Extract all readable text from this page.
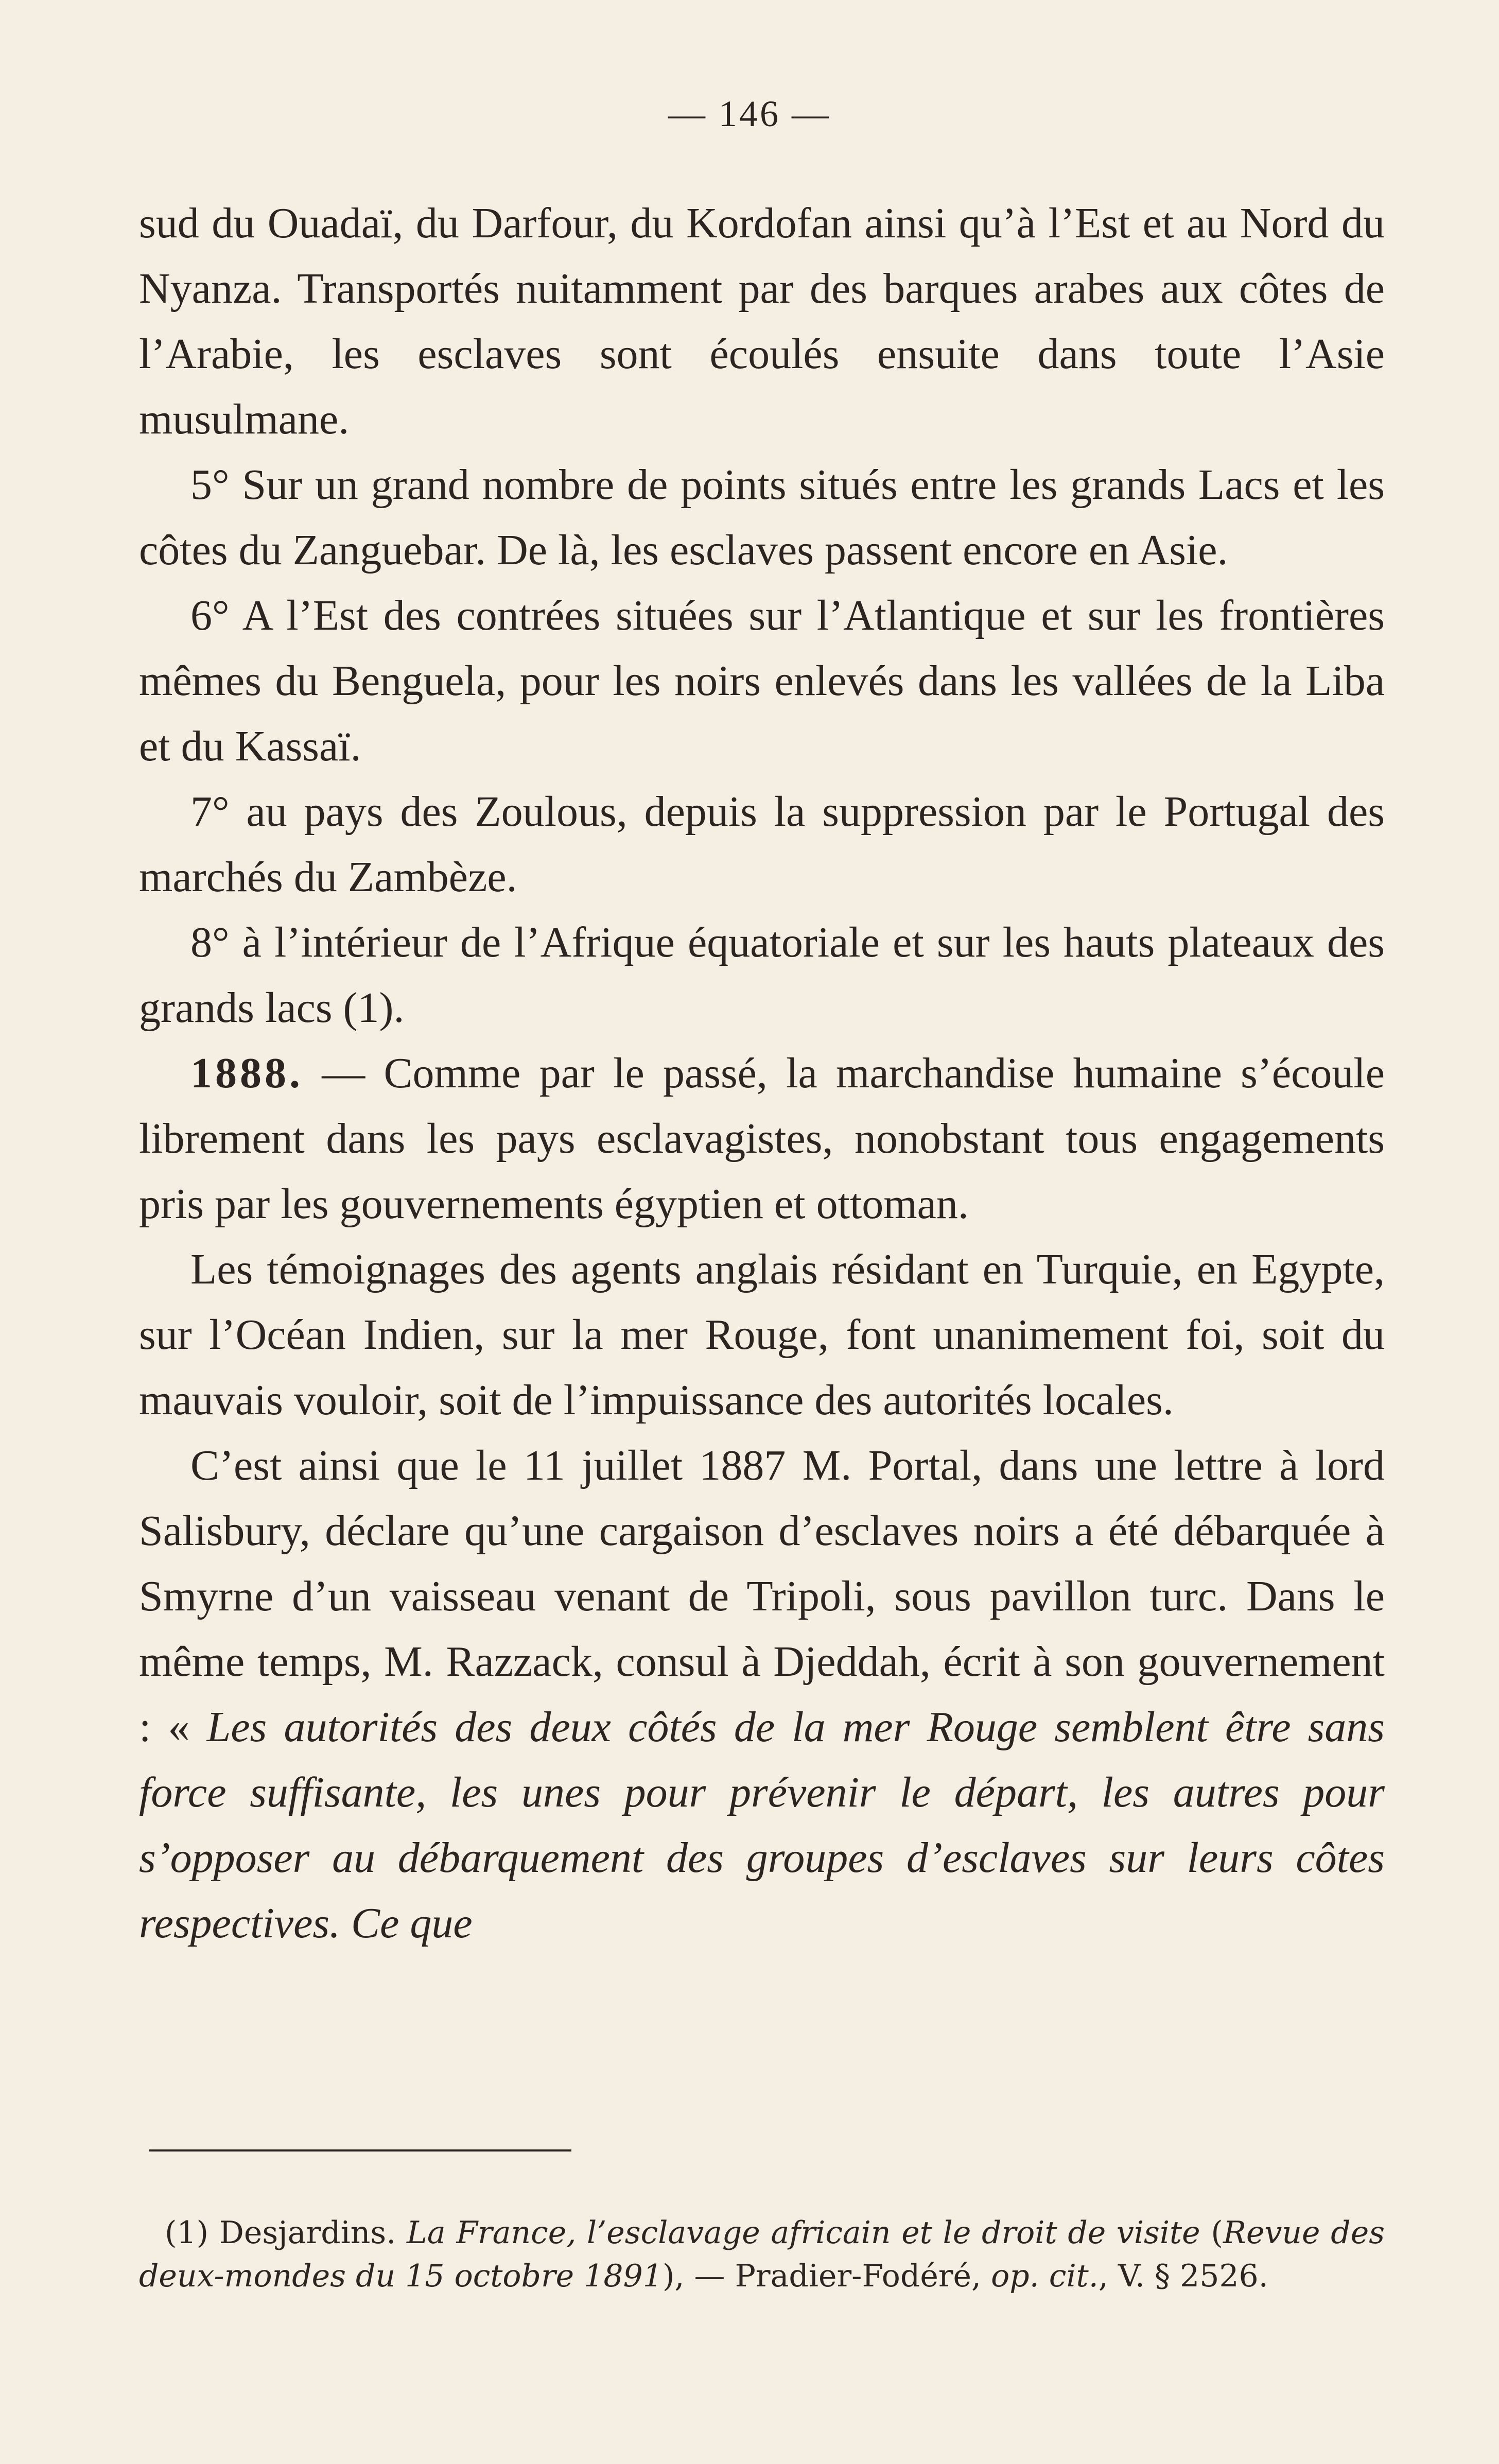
— 146 —

sud du Ouadaï, du Darfour, du Kordofan ainsi qu’à l’Est et au Nord du Nyanza. Transportés nuitamment par des barques arabes aux côtes de l’Arabie, les esclaves sont écoulés ensuite dans toute l’Asie musulmane.

5° Sur un grand nombre de points situés entre les grands Lacs et les côtes du Zanguebar. De là, les esclaves passent encore en Asie.

6° A l’Est des contrées situées sur l’Atlantique et sur les frontières mêmes du Benguela, pour les noirs enlevés dans les vallées de la Liba et du Kassaï.

7° au pays des Zoulous, depuis la suppression par le Portugal des marchés du Zambèze.

8° à l’intérieur de l’Afrique équatoriale et sur les hauts plateaux des grands lacs (1).

1888. — Comme par le passé, la marchandise humaine s’écoule librement dans les pays esclavagistes, nonobstant tous engagements pris par les gouvernements égyptien et ottoman.

Les témoignages des agents anglais résidant en Turquie, en Egypte, sur l’Océan Indien, sur la mer Rouge, font unanimement foi, soit du mauvais vouloir, soit de l’impuissance des autorités locales.

C’est ainsi que le 11 juillet 1887 M. Portal, dans une lettre à lord Salisbury, déclare qu’une cargaison d’esclaves noirs a été débarquée à Smyrne d’un vaisseau venant de Tripoli, sous pavillon turc. Dans le même temps, M. Razzack, consul à Djeddah, écrit à son gouvernement : « Les autorités des deux côtés de la mer Rouge semblent être sans force suffisante, les unes pour prévenir le départ, les autres pour s’opposer au débarquement des groupes d’esclaves sur leurs côtes respectives. Ce que

(1) Desjardins. La France, l’esclavage africain et le droit de visite (Revue des deux-mondes du 15 octobre 1891), — Pradier-Fodéré, op. cit., V. § 2526.
